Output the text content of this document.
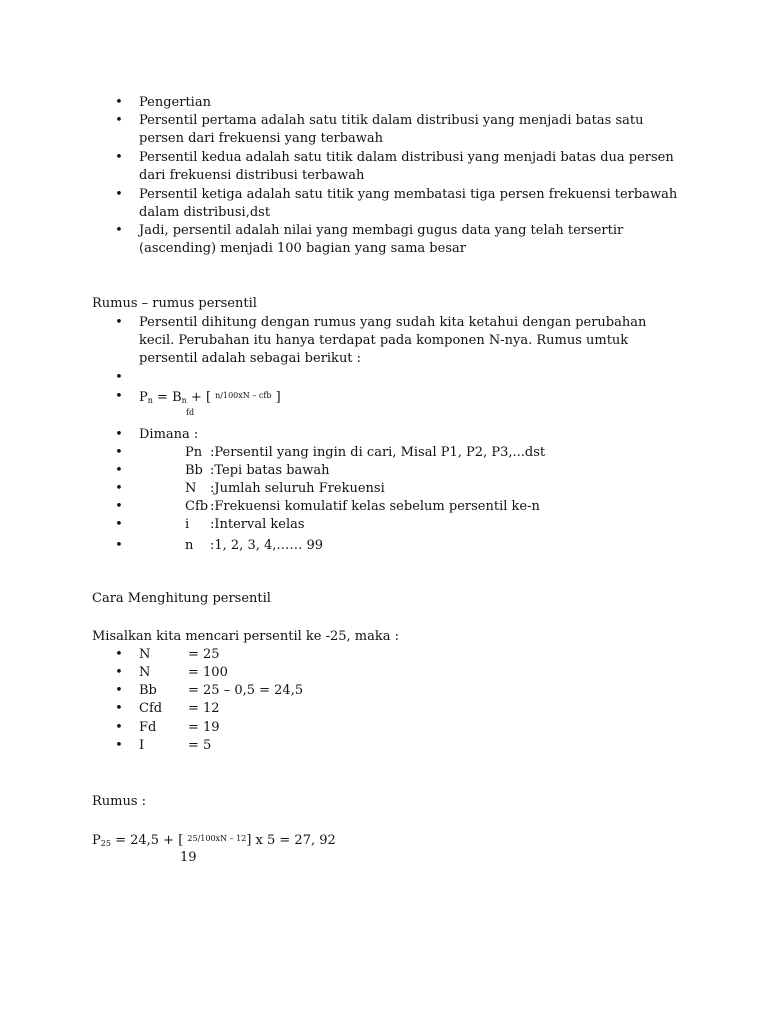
• Pengertian
• Persentil pertama adalah satu titik dalam distribusi yang menjadi batas satu
persen dari frekuensi yang terbawah
• Persentil kedua adalah satu titik dalam distribusi yang menjadi batas dua persen
dari frekuensi distribusi terbawah
• Persentil ketiga adalah satu titik yang membatasi tiga persen frekuensi terbawah
dalam distribusi,dst
• Jadi, persentil adalah nilai yang membagi gugus data yang telah tersertir
(ascending) menjadi 100 bagian yang sama besar
Rumus – rumus persentil
• Persentil dihitung dengan rumus yang sudah kita ketahui dengan perubahan
kecil. Perubahan itu hanya terdapat pada komponen N-nya. Rumus umtuk
persentil adalah sebagai berikut :
•
• $P_n = B_n$ + [ $^{n/100xN - cfb}$ ]
fd
• Dimana :
•	Pn :Persentil yang ingin di cari, Misal P1, P2, P3,...dst
•	Bb :Tepi batas bawah
•	N :Jumlah seluruh Frekuensi
•	Cfb :Frekuensi komulatif kelas sebelum persentil ke-n
•	i :Interval kelas
•	n :1, 2, 3, 4,…… 99
Cara Menghitung persentil
Misalkan kita mencari persentil ke -25, maka :
• N	= 25
• N	= 100
• Bb = 25 – 0,5 = 24,5
• Cfd = 12
• Fd = 19
• I	= 5
Rumus :
$P_{25} = 24,5$ + [ $^{25/100xN - 12}$] x 5 = 27, 92
19
